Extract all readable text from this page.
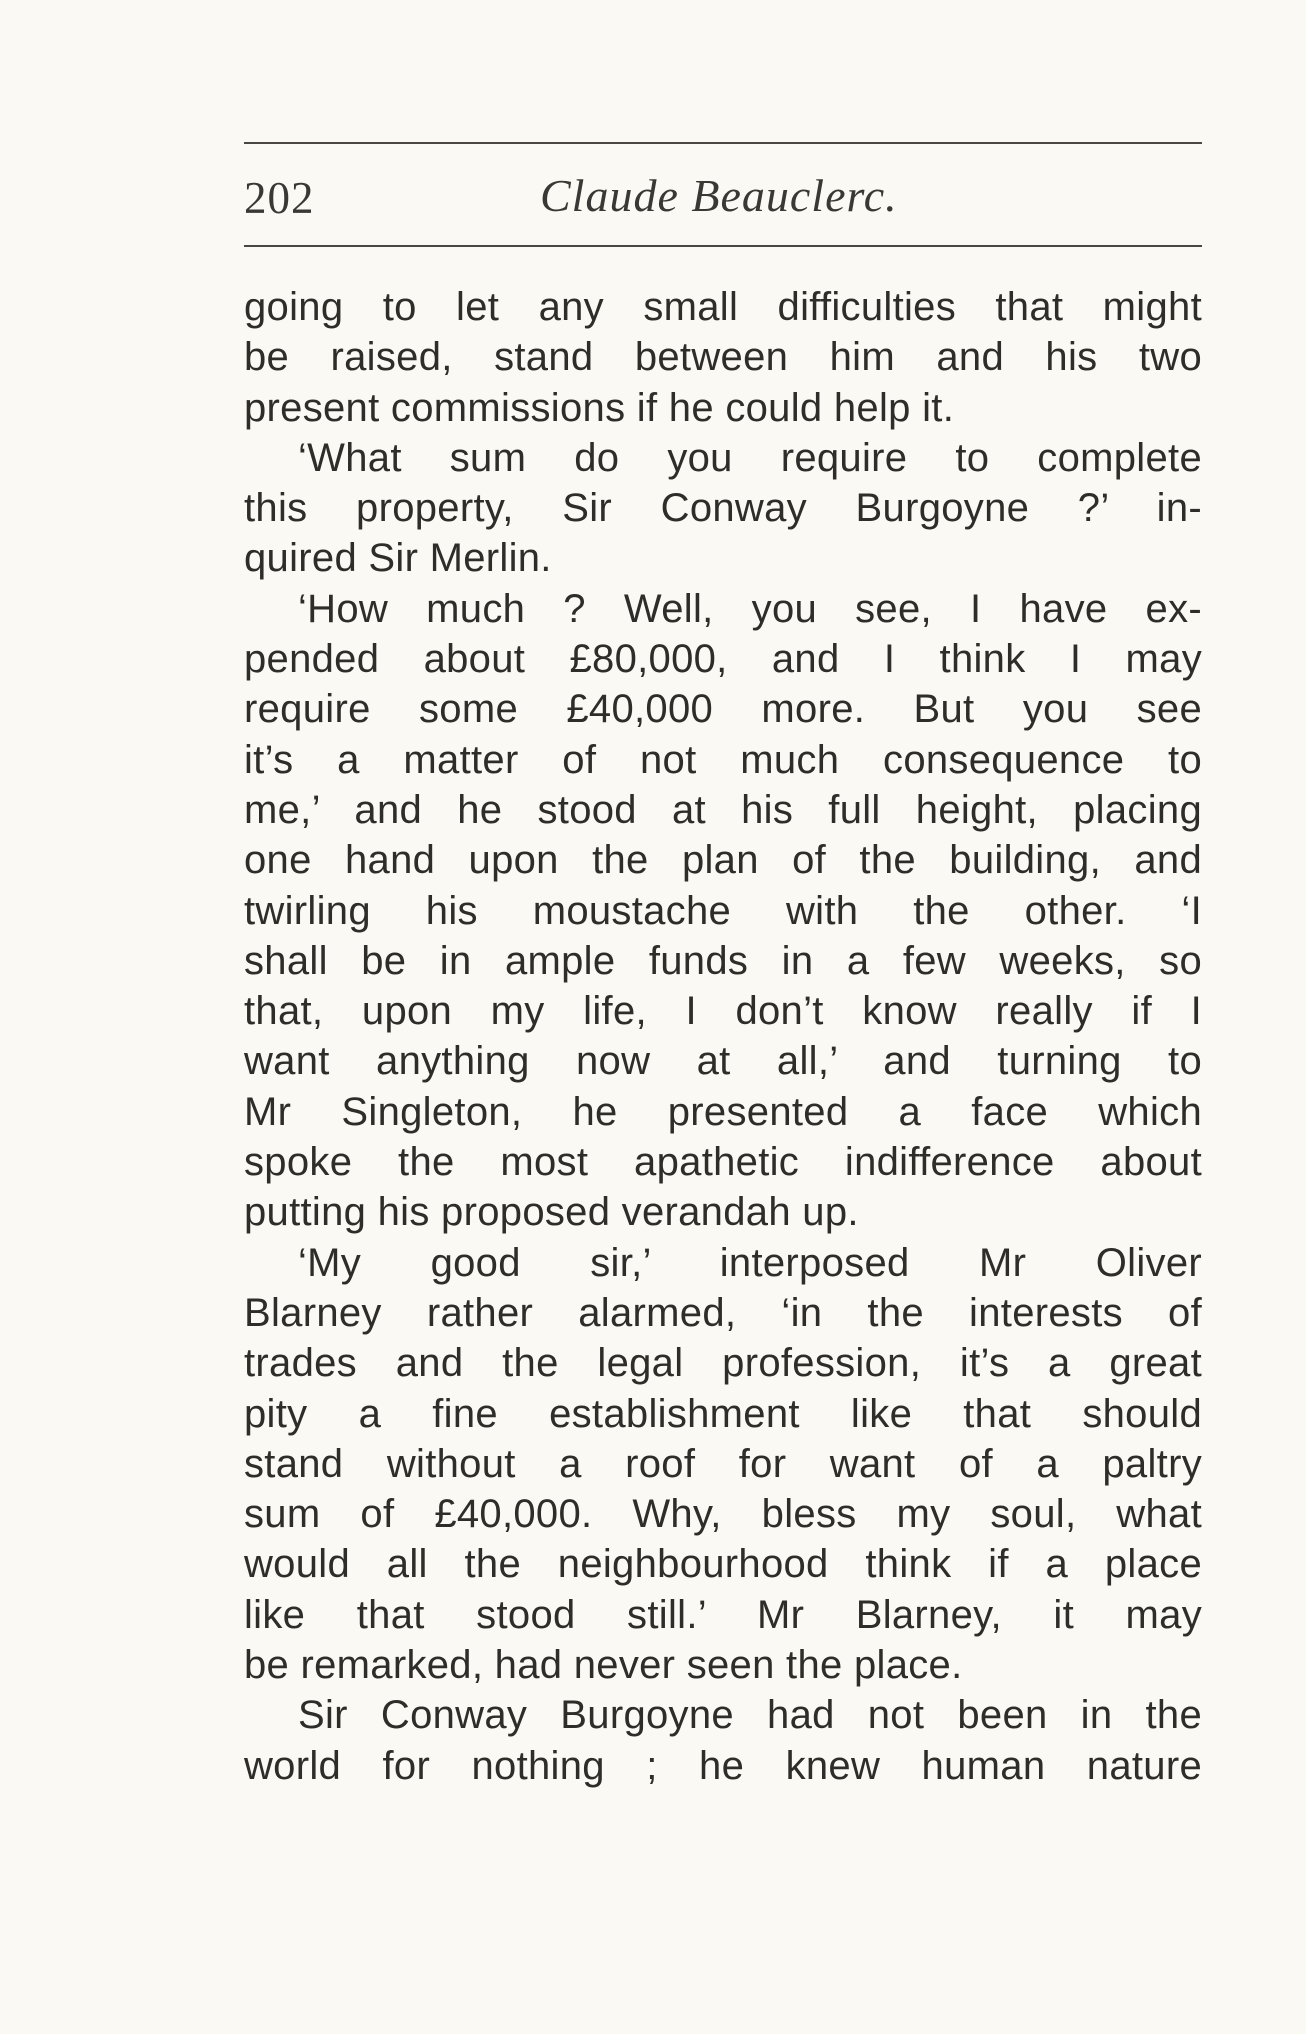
202	Claude Beauclerc.
going to let any small difficulties that might
be raised, stand between him and his two
present commissions if he could help it.
‘What sum do you require to complete
this property, Sir Conway Burgoyne ?’ in-
quired Sir Merlin.
‘How much ? Well, you see, I have ex-
pended about £80,000, and I think I may
require some £40,000 more. But you see
it’s a matter of not much consequence to
me,’ and he stood at his full height, placing
one hand upon the plan of the building, and
twirling his moustache with the other. ‘I
shall be in ample funds in a few weeks, so
that, upon my life, I don’t know really if I
want anything now at all,’ and turning to
Mr Singleton, he presented a face which
spoke the most apathetic indifference about
putting his proposed verandah up.
‘My good sir,’ interposed Mr Oliver
Blarney rather alarmed, ‘in the interests of
trades and the legal profession, it’s a great
pity a fine establishment like that should
stand without a roof for want of a paltry
sum of £40,000. Why, bless my soul, what
would all the neighbourhood think if a place
like that stood still.’ Mr Blarney, it may
be remarked, had never seen the place.
Sir Conway Burgoyne had not been in the
world for nothing ; he knew human nature
